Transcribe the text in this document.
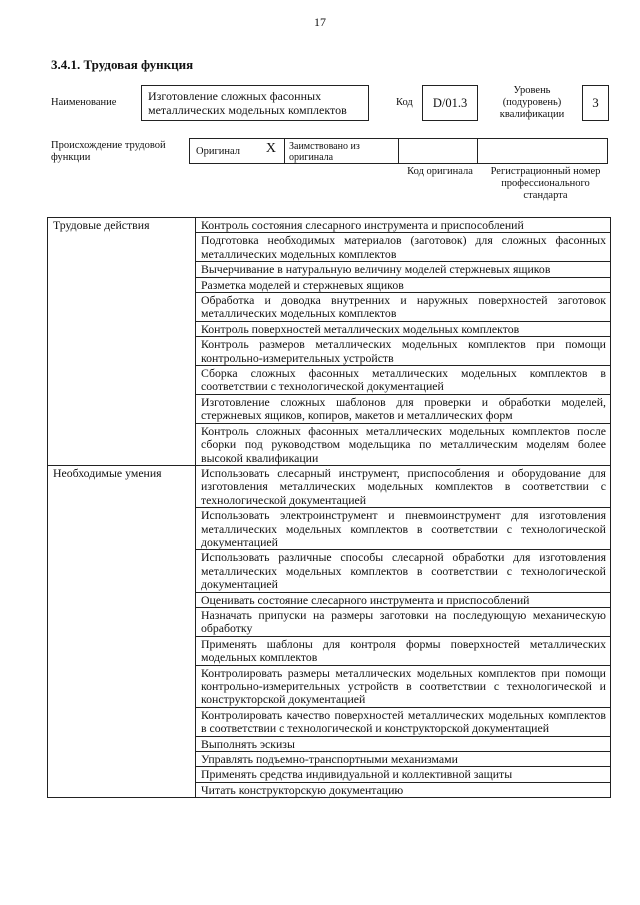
17
3.4.1. Трудовая функция
Наименование	Изготовление сложных фасонных металлических модельных комплектов
Код	D/01.3
Уровень (подуровень) квалификации
3
Происхождение трудовой функции
Оригинал X	Заимствовано из оригинала
Код оригинала	Регистрационный номер профессионального стандарта
Трудовые действия	Контроль состояния слесарного инструмента и приспособлений
	Подготовка необходимых материалов (заготовок) для сложных фасонных металлических модельных комплектов
	Вычерчивание в натуральную величину моделей стержневых ящиков
	Разметка моделей и стержневых ящиков
	Обработка и доводка внутренних и наружных поверхностей заготовок металлических модельных комплектов
	Контроль поверхностей металлических модельных комплектов
	Контроль размеров металлических модельных комплектов при помощи контрольно-измерительных устройств
	Сборка сложных фасонных металлических модельных комплектов в соответствии с технологической документацией
	Изготовление сложных шаблонов для проверки и обработки моделей, стержневых ящиков, копиров, макетов и металлических форм
	Контроль сложных фасонных металлических модельных комплектов после сборки под руководством модельщика по металлическим моделям более высокой квалификации
Необходимые умения	Использовать слесарный инструмент, приспособления и оборудование для изготовления металлических модельных комплектов в соответствии с технологической документацией
	Использовать электроинструмент и пневмоинструмент для изготовления металлических модельных комплектов в соответствии с технологической документацией
	Использовать различные способы слесарной обработки для изготовления металлических модельных комплектов в соответствии с технологической документацией
	Оценивать состояние слесарного инструмента и приспособлений
	Назначать припуски на размеры заготовки на последующую механическую обработку
	Применять шаблоны для контроля формы поверхностей металлических модельных комплектов
	Контролировать размеры металлических модельных комплектов при помощи контрольно-измерительных устройств в соответствии с технологической и конструкторской документацией
	Контролировать качество поверхностей металлических модельных комплектов в соответствии с технологической и конструкторской документацией
	Выполнять эскизы
	Управлять подъемно-транспортными механизмами
	Применять средства индивидуальной и коллективной защиты
	Читать конструкторскую документацию
